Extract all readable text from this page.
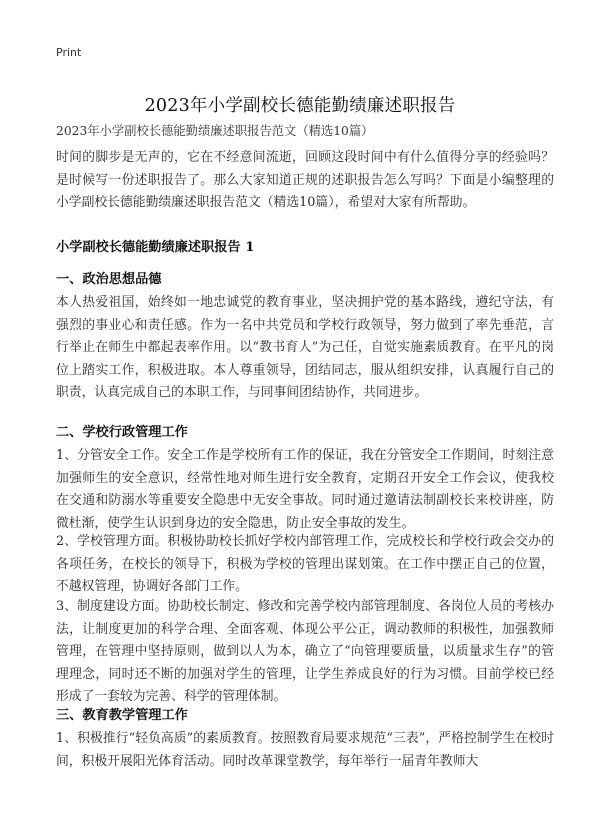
Print
2023年小学副校长德能勤绩廉述职报告
2023年小学副校长德能勤绩廉述职报告范文（精选10篇）

时间的脚步是无声的，它在不经意间流逝，回顾这段时间中有什么值得分享的经验吗？是时候写一份述职报告了。那么大家知道正规的述职报告怎么写吗？下面是小编整理的小学副校长德能勤绩廉述职报告范文（精选10篇），希望对大家有所帮助。

小学副校长德能勤绩廉述职报告 1
一、政治思想品德

本人热爱祖国，始终如一地忠诚党的教育事业，坚决拥护党的基本路线，遵纪守法，有强烈的事业心和责任感。作为一名中共党员和学校行政领导，努力做到了率先垂范，言行举止在师生中都起表率作用。以“教书育人”为己任，自觉实施素质教育。在平凡的岗位上踏实工作，积极进取。本人尊重领导，团结同志，服从组织安排，认真履行自己的职责，认真完成自己的本职工作，与同事间团结协作，共同进步。

二、学校行政管理工作

1、分管安全工作。安全工作是学校所有工作的保证，我在分管安全工作期间，时刻注意加强师生的安全意识，经常性地对师生进行安全教育，定期召开安全工作会议，使我校在交通和防溺水等重要安全隐患中无安全事故。同时通过邀请法制副校长来校讲座，防微杜渐，使学生认识到身边的安全隐患，防止安全事故的发生。

2、学校管理方面。积极协助校长抓好学校内部管理工作，完成校长和学校行政会交办的各项任务，在校长的领导下，积极为学校的管理出谋划策。在工作中摆正自己的位置，不越权管理，协调好各部门工作。

3、制度建设方面。协助校长制定、修改和完善学校内部管理制度、各岗位人员的考核办法，让制度更加的科学合理、全面客观、体现公平公正，调动教师的积极性，加强教师管理，在管理中坚持原则，做到以人为本，确立了“向管理要质量，以质量求生存”的管理理念，同时还不断的加强对学生的管理，让学生养成良好的行为习惯。目前学校已经形成了一套较为完善、科学的管理体制。

三、教育教学管理工作

1、积极推行“轻负高质”的素质教育。按照教育局要求规范“三表”，严格控制学生在校时间，积极开展阳光体育活动。同时改革课堂教学，每年举行一届青年教师大
